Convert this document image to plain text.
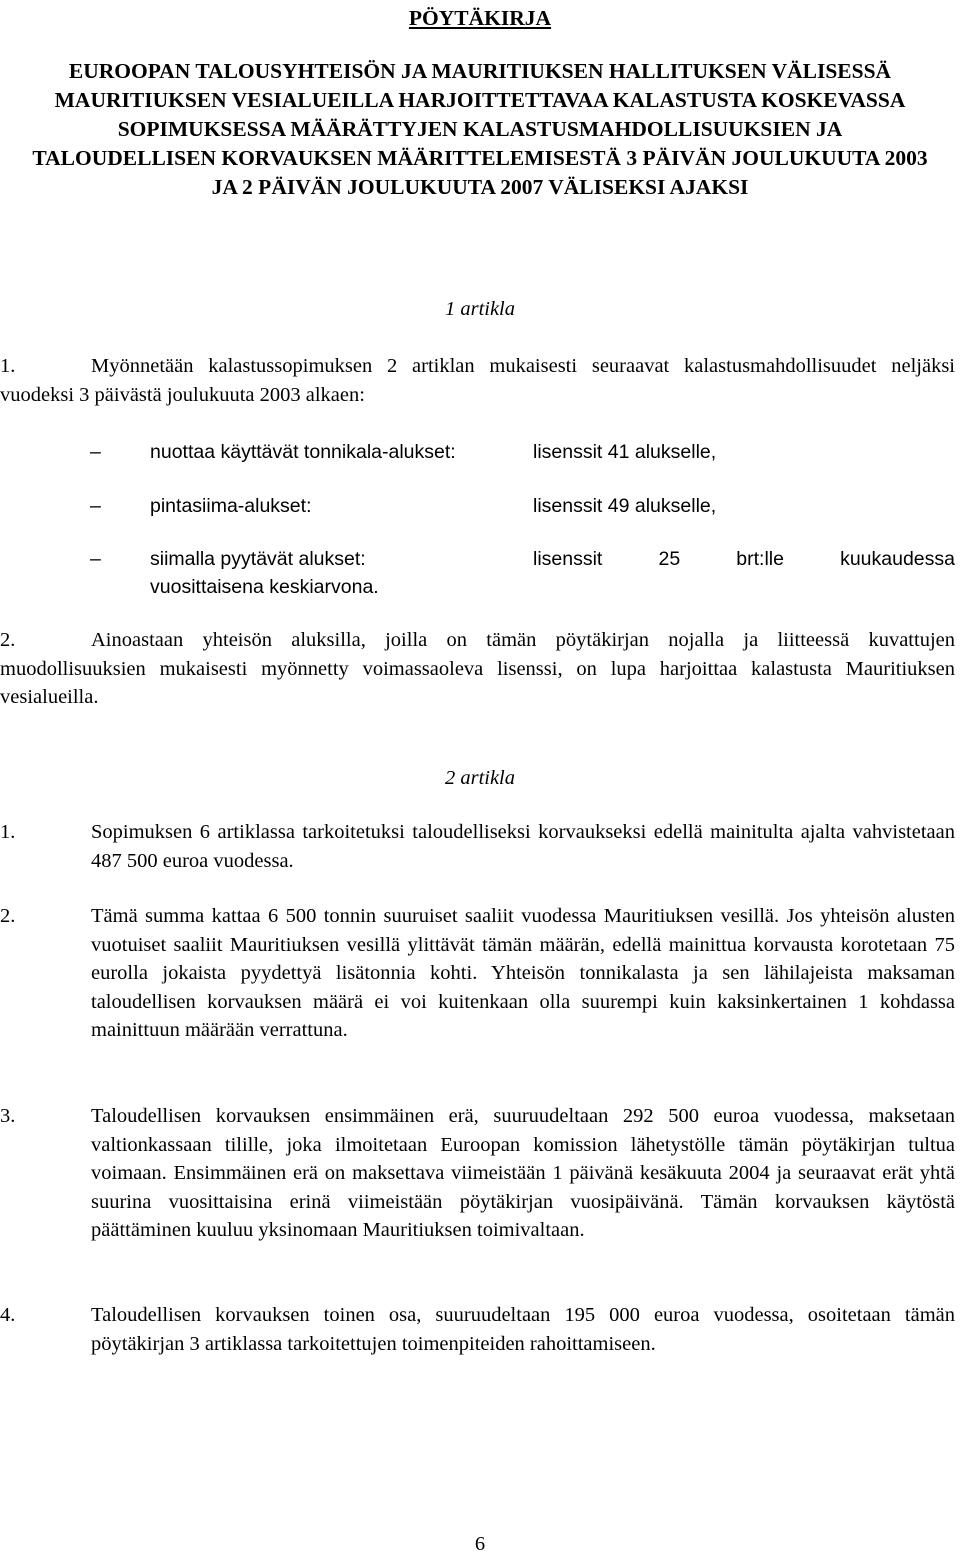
PÖYTÄKIRJA
EUROOPAN TALOUSYHTEISÖN JA MAURITIUKSEN HALLITUKSEN VÄLISESSÄ MAURITIUKSEN VESIALUEILLA HARJOITTETTAVAA KALASTUSTA KOSKEVASSA SOPIMUKSESSA MÄÄRÄTTYJEN KALASTUSMAHDOLLISUUKSIEN JA TALOUDELLISEN KORVAUKSEN MÄÄRITTELEMISESTÄ 3 PÄIVÄN JOULUKUUTA 2003 JA 2 PÄIVÄN JOULUKUUTA 2007 VÄLISEKSI AJAKSI
1 artikla
1.	Myönnetään kalastussopimuksen 2 artiklan mukaisesti seuraavat kalastusmahdollisuudet neljäksi vuodeksi 3 päivästä joulukuuta 2003 alkaen:
–	nuottaa käyttävät tonnikala-alukset:	lisenssit 41 alukselle,
–	pintasiima-alukset:	lisenssit 49 alukselle,
–	siimalla pyytävät alukset:	lisenssit	25	brt:lle	kuukaudessa
vuosittaisena keskiarvona.
2.	Ainoastaan yhteisön aluksilla, joilla on tämän pöytäkirjan nojalla ja liitteessä kuvattujen muodollisuuksien mukaisesti myönnetty voimassaoleva lisenssi, on lupa harjoittaa kalastusta Mauritiuksen vesialueilla.
2 artikla
1.	Sopimuksen 6 artiklassa tarkoitetuksi taloudelliseksi korvaukseksi edellä mainitulta ajalta vahvistetaan 487 500 euroa vuodessa.
2.	Tämä summa kattaa 6 500 tonnin suuruiset saaliit vuodessa Mauritiuksen vesillä. Jos yhteisön alusten vuotuiset saaliit Mauritiuksen vesillä ylittävät tämän määrän, edellä mainittua korvausta korotetaan 75 eurolla jokaista pyydettyä lisätonnia kohti. Yhteisön tonnikalasta ja sen lähilajeista maksaman taloudellisen korvauksen määrä ei voi kuitenkaan olla suurempi kuin kaksinkertainen 1 kohdassa mainittuun määrään verrattuna.
3.	Taloudellisen korvauksen ensimmäinen erä, suuruudeltaan 292 500 euroa vuodessa, maksetaan valtionkassaan tilille, joka ilmoitetaan Euroopan komission lähetystölle tämän pöytäkirjan tultua voimaan. Ensimmäinen erä on maksettava viimeistään 1 päivänä kesäkuuta 2004 ja seuraavat erät yhtä suurina vuosittaisina erinä viimeistään pöytäkirjan vuosipäivänä. Tämän korvauksen käytöstä päättäminen kuuluu yksinomaan Mauritiuksen toimivaltaan.
4.	Taloudellisen korvauksen toinen osa, suuruudeltaan 195 000 euroa vuodessa, osoitetaan tämän pöytäkirjan 3 artiklassa tarkoitettujen toimenpiteiden rahoittamiseen.
6
